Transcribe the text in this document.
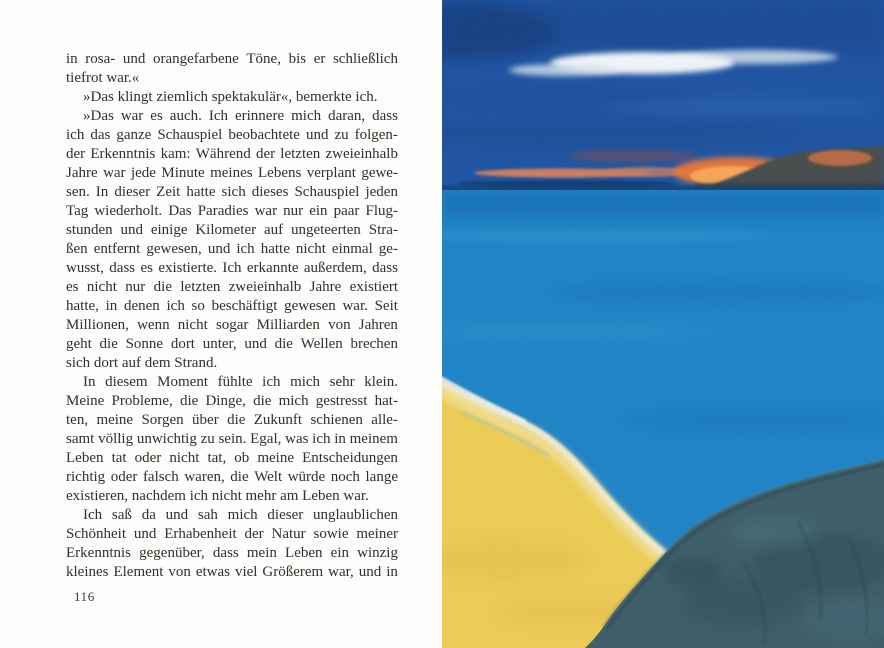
in rosa- und orangefarbene Töne, bis er schließlich
tiefrot war.«
»Das klingt ziemlich spektakulär«, bemerkte ich.
»Das war es auch. Ich erinnere mich daran, dass
ich das ganze Schauspiel beobachtete und zu folgen-
der Erkenntnis kam: Während der letzten zweieinhalb
Jahre war jede Minute meines Lebens verplant gewe-
sen. In dieser Zeit hatte sich dieses Schauspiel jeden
Tag wiederholt. Das Paradies war nur ein paar Flug-
stunden und einige Kilometer auf ungeteerten Stra-
ßen entfernt gewesen, und ich hatte nicht einmal ge-
wusst, dass es existierte. Ich erkannte außerdem, dass
es nicht nur die letzten zweieinhalb Jahre existiert
hatte, in denen ich so beschäftigt gewesen war. Seit
Millionen, wenn nicht sogar Milliarden von Jahren
geht die Sonne dort unter, und die Wellen brechen
sich dort auf dem Strand.
In diesem Moment fühlte ich mich sehr klein.
Meine Probleme, die Dinge, die mich gestresst hat-
ten, meine Sorgen über die Zukunft schienen alle-
samt völlig unwichtig zu sein. Egal, was ich in meinem
Leben tat oder nicht tat, ob meine Entscheidungen
richtig oder falsch waren, die Welt würde noch lange
existieren, nachdem ich nicht mehr am Leben war.
Ich saß da und sah mich dieser unglaublichen
Schönheit und Erhabenheit der Natur sowie meiner
Erkenntnis gegenüber, dass mein Leben ein winzig
kleines Element von etwas viel Größerem war, und in
116
